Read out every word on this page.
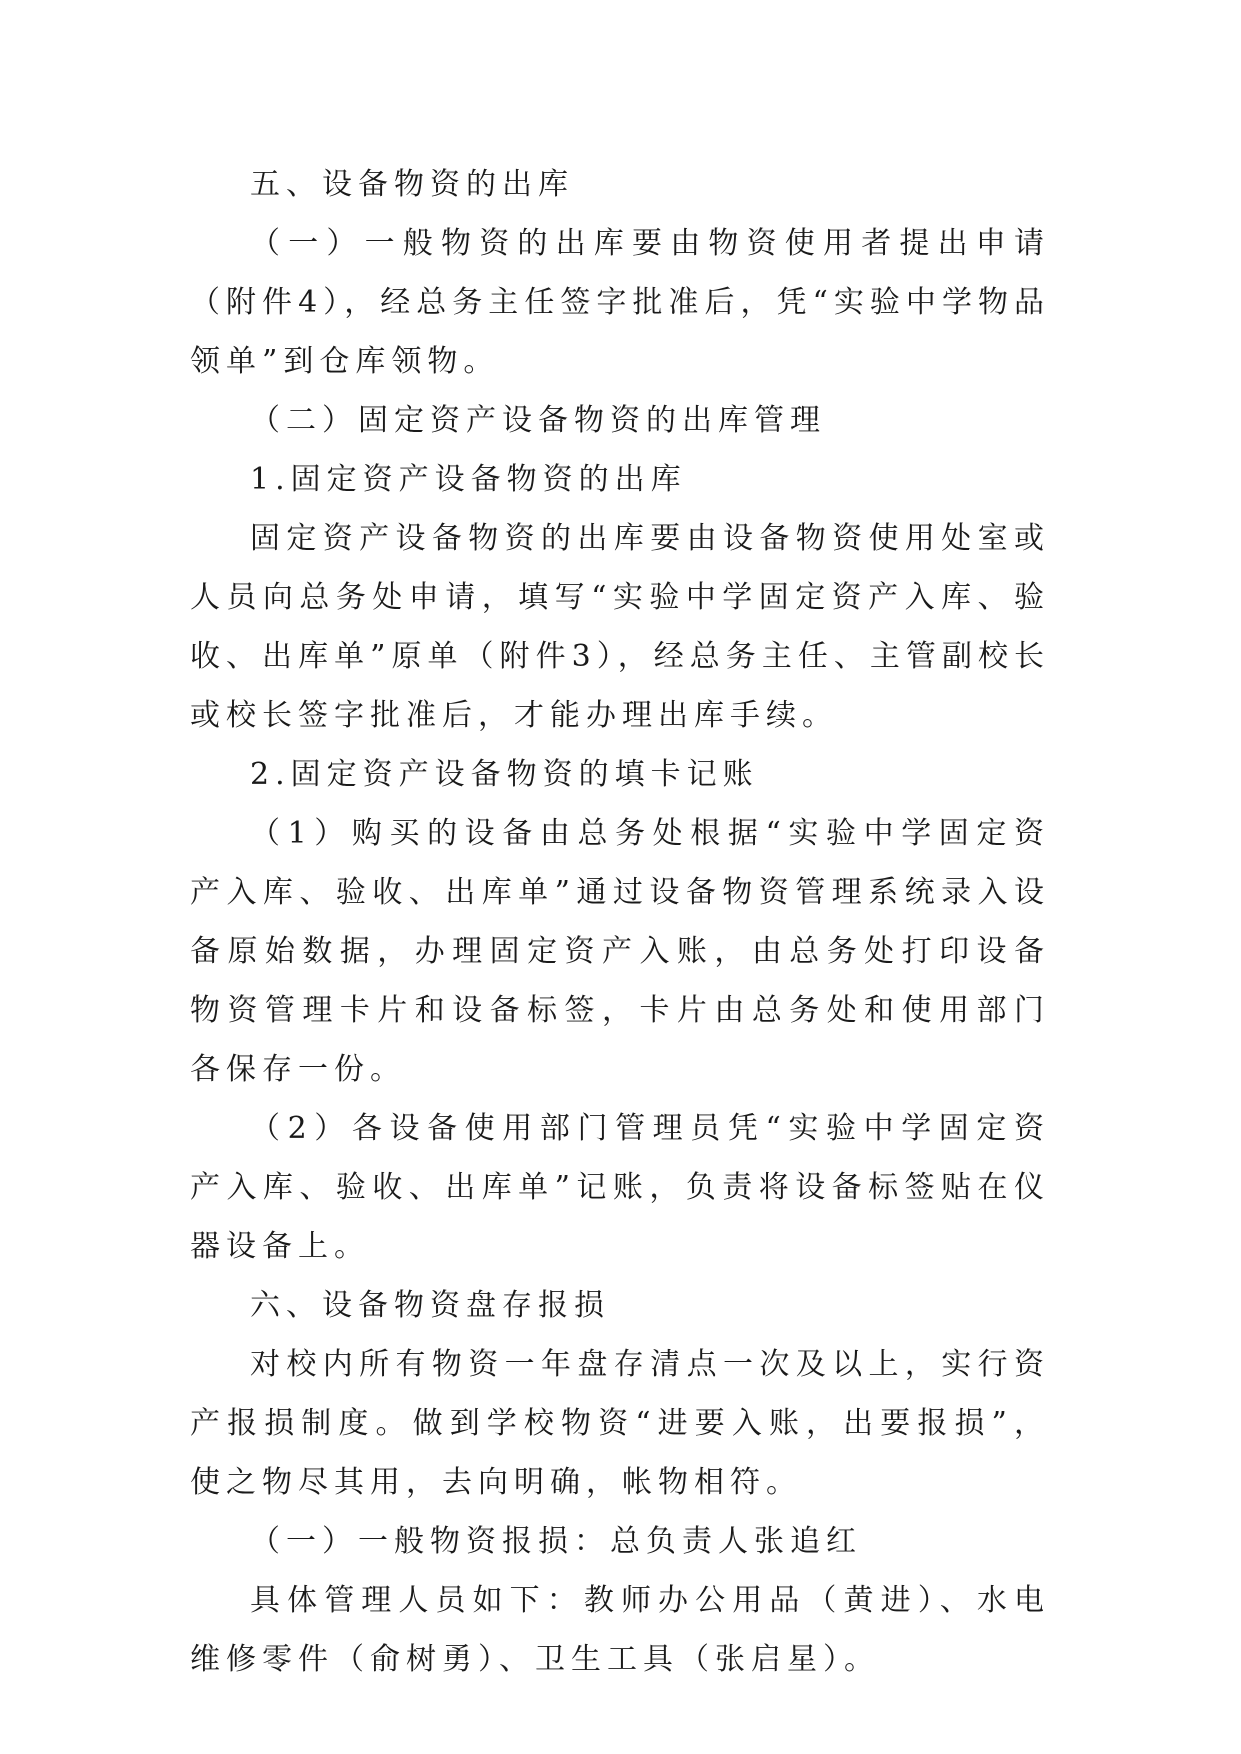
五、设备物资的出库

（一）一般物资的出库要由物资使用者提出申请（附件4），经总务主任签字批准后，凭“实验中学物品领单”到仓库领物。

（二）固定资产设备物资的出库管理

1.固定资产设备物资的出库

固定资产设备物资的出库要由设备物资使用处室或人员向总务处申请，填写“实验中学固定资产入库、验收、出库单”原单（附件3），经总务主任、主管副校长或校长签字批准后，才能办理出库手续。

2.固定资产设备物资的填卡记账

（1）购买的设备由总务处根据“实验中学固定资产入库、验收、出库单”通过设备物资管理系统录入设备原始数据，办理固定资产入账，由总务处打印设备物资管理卡片和设备标签，卡片由总务处和使用部门各保存一份。

（2）各设备使用部门管理员凭“实验中学固定资产入库、验收、出库单”记账，负责将设备标签贴在仪器设备上。

六、设备物资盘存报损

对校内所有物资一年盘存清点一次及以上，实行资产报损制度。做到学校物资“进要入账，出要报损”，使之物尽其用，去向明确，帐物相符。

（一）一般物资报损：总负责人张追红

具体管理人员如下：教师办公用品（黄进）、水电维修零件（俞树勇）、卫生工具（张启星）。
